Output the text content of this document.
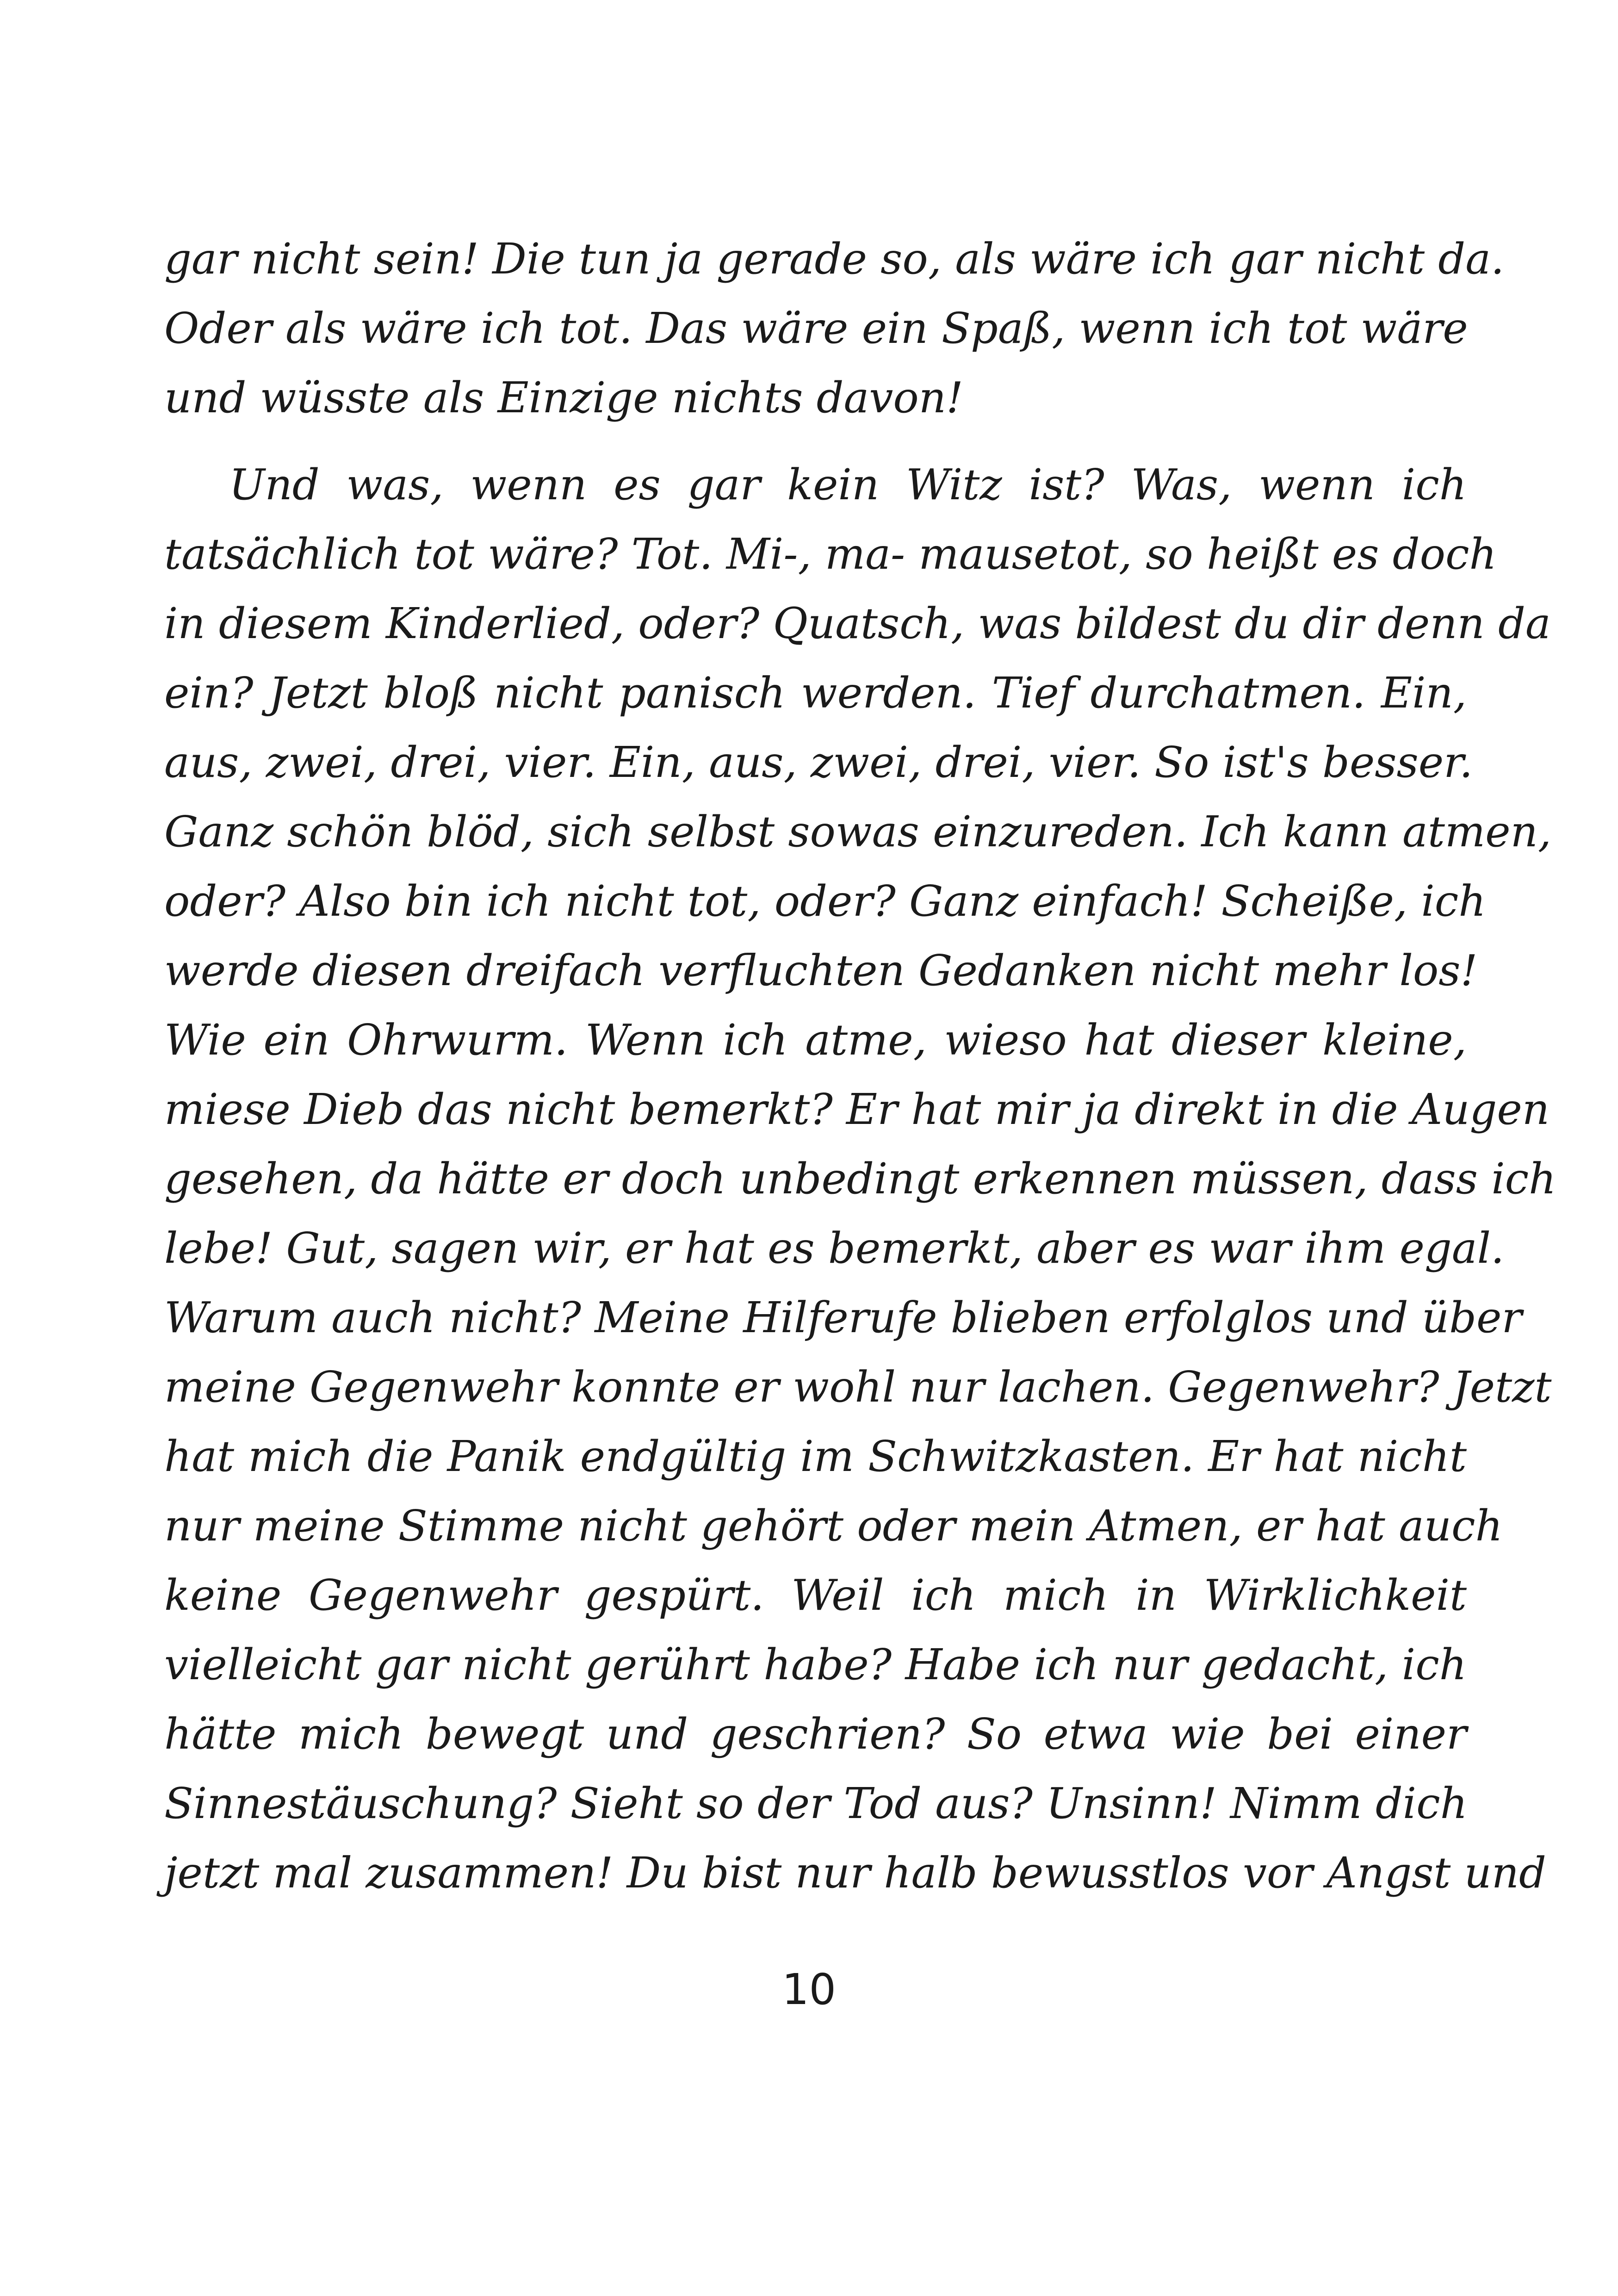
gar nicht sein! Die tun ja gerade so, als wäre ich gar nicht da.
Oder als wäre ich tot. Das wäre ein Spaß, wenn ich tot wäre
und wüsste als Einzige nichts davon!
Und was, wenn es gar kein Witz ist? Was, wenn ich
tatsächlich tot wäre? Tot. Mi-, ma- mausetot, so heißt es doch
in diesem Kinderlied, oder? Quatsch, was bildest du dir denn da
ein? Jetzt bloß nicht panisch werden. Tief durchatmen. Ein,
aus, zwei, drei, vier. Ein, aus, zwei, drei, vier. So ist's besser.
Ganz schön blöd, sich selbst sowas einzureden. Ich kann atmen,
oder? Also bin ich nicht tot, oder? Ganz einfach! Scheiße, ich
werde diesen dreifach verfluchten Gedanken nicht mehr los!
Wie ein Ohrwurm. Wenn ich atme, wieso hat dieser kleine,
miese Dieb das nicht bemerkt? Er hat mir ja direkt in die Augen
gesehen, da hätte er doch unbedingt erkennen müssen, dass ich
lebe! Gut, sagen wir, er hat es bemerkt, aber es war ihm egal.
Warum auch nicht? Meine Hilferufe blieben erfolglos und über
meine Gegenwehr konnte er wohl nur lachen. Gegenwehr? Jetzt
hat mich die Panik endgültig im Schwitzkasten. Er hat nicht
nur meine Stimme nicht gehört oder mein Atmen, er hat auch
keine Gegenwehr gespürt. Weil ich mich in Wirklichkeit
vielleicht gar nicht gerührt habe? Habe ich nur gedacht, ich
hätte mich bewegt und geschrien? So etwa wie bei einer
Sinnestäuschung? Sieht so der Tod aus? Unsinn! Nimm dich
jetzt mal zusammen! Du bist nur halb bewusstlos vor Angst und
10
